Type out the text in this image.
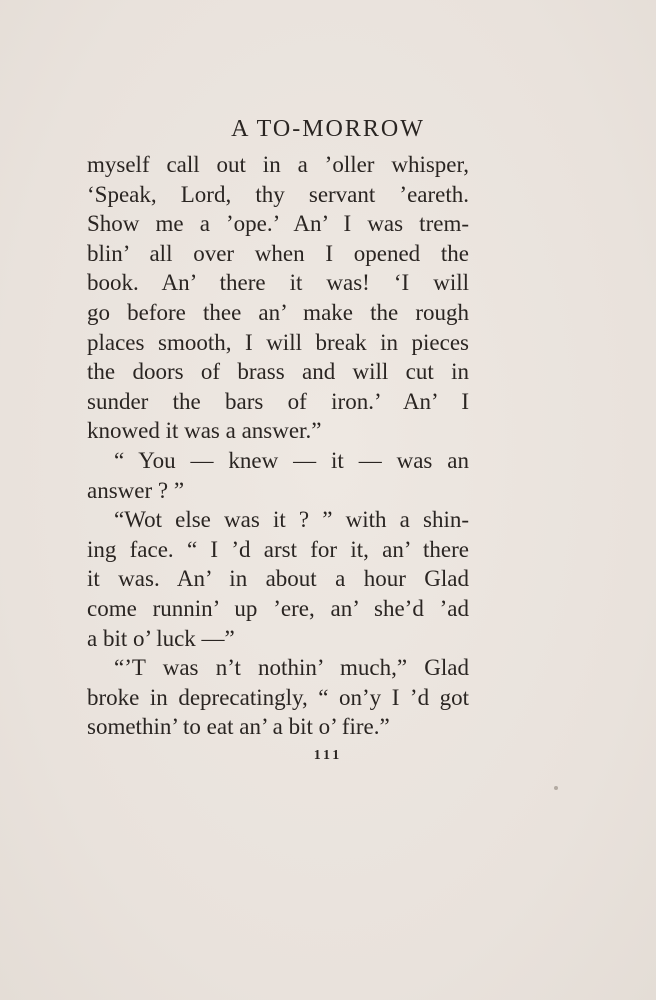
A TO-MORROW
myself call out in a ’oller whisper,
‘Speak, Lord, thy servant ’eareth.
Show me a ’ope.’ An’ I was trem-
blin’ all over when I opened the
book. An’ there it was! ‘I will
go before thee an’ make the rough
places smooth, I will break in pieces
the doors of brass and will cut in
sunder the bars of iron.’ An’ I
knowed it was a answer.”
“ You — knew — it — was an
answer ? ”
“Wot else was it ? ” with a shin-
ing face. “ I ’d arst for it, an’ there
it was. An’ in about a hour Glad
come runnin’ up ’ere, an’ she’d ’ad
a bit o’ luck —”
“’T was n’t nothin’ much,” Glad
broke in deprecatingly, “ on’y I ’d got
somethin’ to eat an’ a bit o’ fire.”
111
